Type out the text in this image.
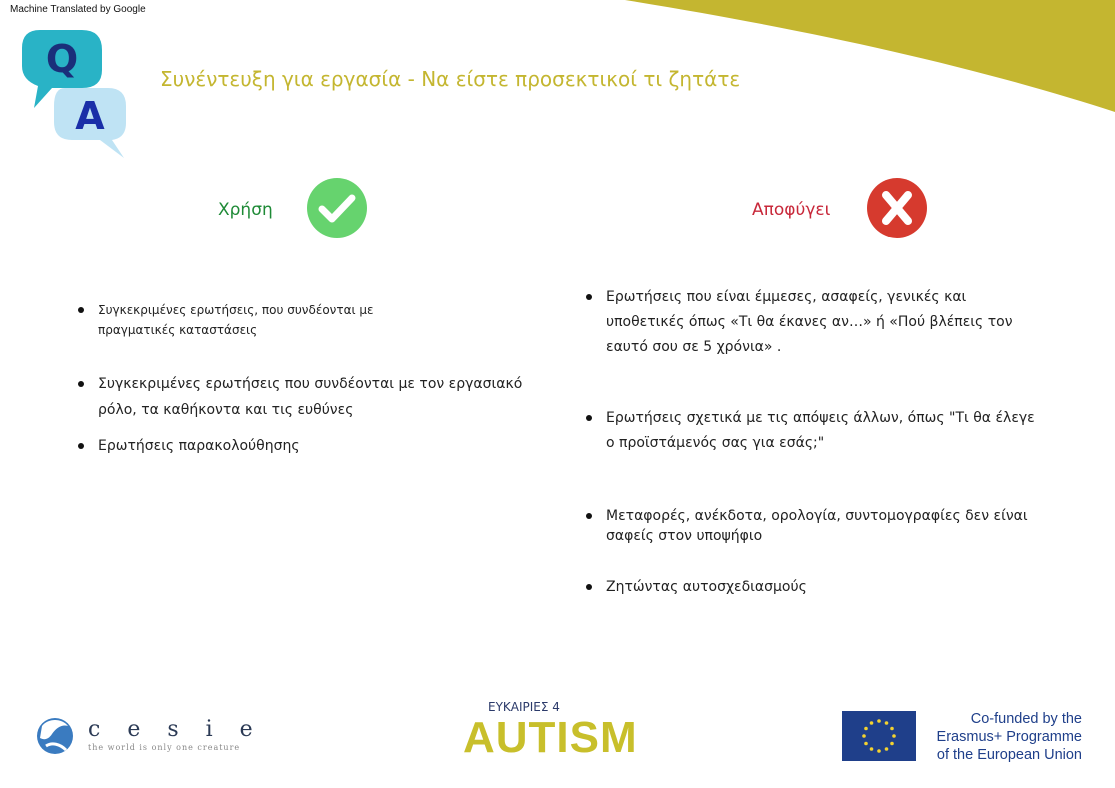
Machine Translated by Google
Q
A
Συνέντευξη για εργασία - Να είστε προσεκτικοί τι ζητάτε
Χρήση	Αποφύγει
Συγκεκριμένες ερωτήσεις, που συνδέονται με πραγματικές καταστάσεις
Συγκεκριμένες ερωτήσεις που συνδέονται με τον εργασιακό ρόλο, τα καθήκοντα και τις ευθύνες
Ερωτήσεις παρακολούθησης
Ερωτήσεις που είναι έμμεσες, ασαφείς, γενικές και υποθετικές όπως «Τι θα έκανες αν…» ή «Πού βλέπεις τον εαυτό σου σε 5 χρόνια» .
Ερωτήσεις σχετικά με τις απόψεις άλλων, όπως "Τι θα έλεγε ο προϊστάμενός σας για εσάς;"
Μεταφορές, ανέκδοτα, ορολογία, συντομογραφίες δεν είναι σαφείς στον υποψήφιο
Ζητώντας αυτοσχεδιασμούς
c e s i e
the world is only one creature
ΕΥΚΑΙΡΙΕΣ 4
AUTISM	Co-funded by the
Erasmus+ Programme
of the European Union
